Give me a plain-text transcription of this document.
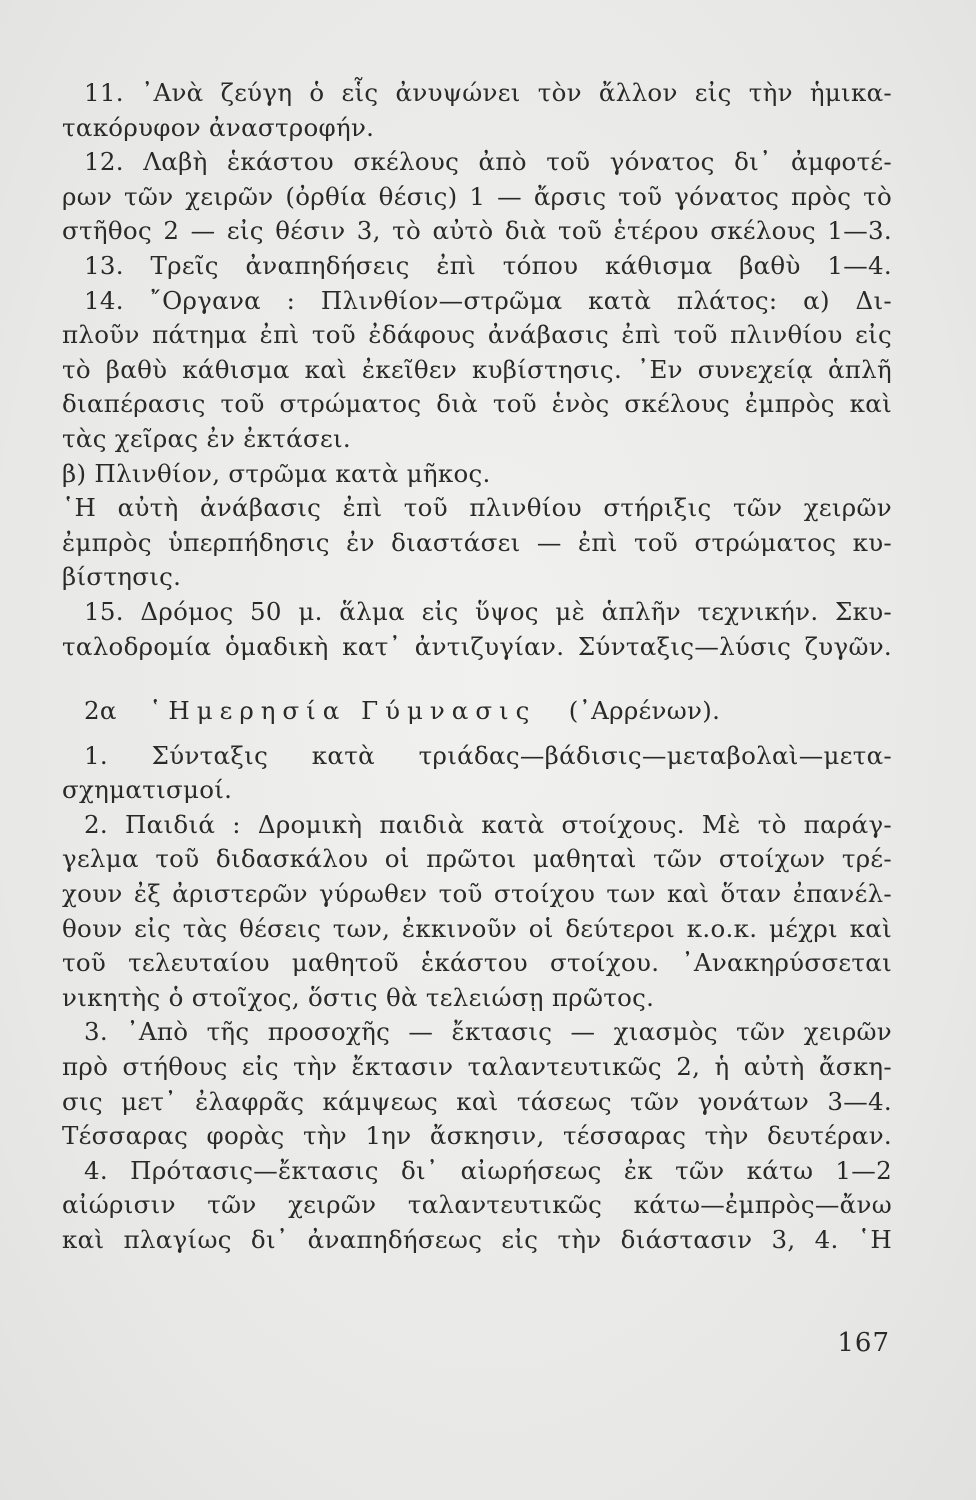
11. ᾿Ανὰ ζεύγη ὁ εἷς ἀνυψώνει τὸν ἄλλον εἰς τὴν ἡμικα-
τακόρυφον ἀναστροφήν.
12. Λαβὴ ἑκάστου σκέλους ἀπὸ τοῦ γόνατος δι᾿ ἀμφοτέ-
ρων τῶν χειρῶν (ὀρθία θέσις) 1 — ἄρσις τοῦ γόνατος πρὸς τὸ
στῆθος 2 — εἰς θέσιν 3, τὸ αὐτὸ διὰ τοῦ ἑτέρου σκέλους 1—3.
13. Τρεῖς ἀναπηδήσεις ἐπὶ τόπου κάθισμα βαθὺ 1—4.
14. ῎Οργανα : Πλινθίον—στρῶμα κατὰ πλάτος: α) Δι-
πλοῦν πάτημα ἐπὶ τοῦ ἐδάφους ἀνάβασις ἐπὶ τοῦ πλινθίου εἰς
τὸ βαθὺ κάθισμα καὶ ἐκεῖθεν κυβίστησις. ᾿Εν συνεχείᾳ ἁπλῆ
διαπέρασις τοῦ στρώματος διὰ τοῦ ἑνὸς σκέλους ἐμπρὸς καὶ
τὰς χεῖρας ἐν ἐκτάσει.
β) Πλινθίον, στρῶμα κατὰ μῆκος.
῾Η αὐτὴ ἀνάβασις ἐπὶ τοῦ πλινθίου στήριξις τῶν χειρῶν
ἐμπρὸς ὑπερπήδησις ἐν διαστάσει — ἐπὶ τοῦ στρώματος κυ-
βίστησις.
15. Δρόμος 50 μ. ἅλμα εἰς ὕψος μὲ ἁπλῆν τεχνικήν. Σκυ-
ταλοδρομία ὁμαδικὴ κατ᾿ ἀντιζυγίαν. Σύνταξις—λύσις ζυγῶν.
2α ῾Ημερησία Γύμνασις (᾿Αρρένων).
1. Σύνταξις κατὰ τριάδας—βάδισις—μεταβολαὶ—μετα-
σχηματισμοί.
2. Παιδιά : Δρομικὴ παιδιὰ κατὰ στοίχους. Μὲ τὸ παράγ-
γελμα τοῦ διδασκάλου οἱ πρῶτοι μαθηταὶ τῶν στοίχων τρέ-
χουν ἐξ ἀριστερῶν γύρωθεν τοῦ στοίχου των καὶ ὅταν ἐπανέλ-
θουν εἰς τὰς θέσεις των, ἐκκινοῦν οἱ δεύτεροι κ.ο.κ. μέχρι καὶ
τοῦ τελευταίου μαθητοῦ ἑκάστου στοίχου. ᾿Ανακηρύσσεται
νικητὴς ὁ στοῖχος, ὅστις θὰ τελειώσῃ πρῶτος.
3. ᾿Απὸ τῆς προσοχῆς — ἔκτασις — χιασμὸς τῶν χειρῶν
πρὸ στήθους εἰς τὴν ἔκτασιν ταλαντευτικῶς 2, ἡ αὐτὴ ἄσκη-
σις μετ᾿ ἐλαφρᾶς κάμψεως καὶ τάσεως τῶν γονάτων 3—4.
Τέσσαρας φορὰς τὴν 1ην ἄσκησιν, τέσσαρας τὴν δευτέραν.
4. Πρότασις—ἔκτασις δι᾿ αἰωρήσεως ἐκ τῶν κάτω 1—2
αἰώρισιν τῶν χειρῶν ταλαντευτικῶς κάτω—ἐμπρὸς—ἄνω
καὶ πλαγίως δι᾿ ἀναπηδήσεως εἰς τὴν διάστασιν 3, 4. ῾Η
167
